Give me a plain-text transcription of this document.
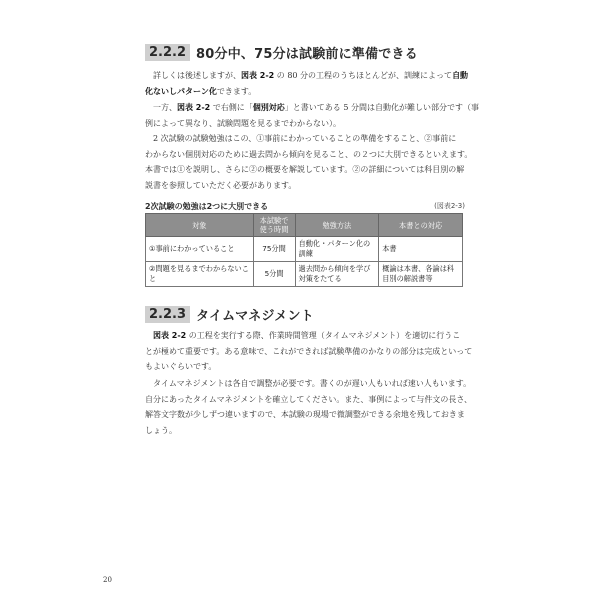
2.2.2 80分中、75分は試験前に準備できる

　詳しくは後述しますが、図表 2-2 の 80 分の工程のうちほとんどが、訓練によって自動

化ないしパターン化できます。

　一方、図表 2-2 で右側に「個別対応」と書いてある 5 分間は自動化が難しい部分です（事

例によって異なり、試験問題を見るまでわからない）。

　2 次試験の試験勉強はこの、①事前にわかっていることの準備をすること、②事前に

わからない個別対応のために過去問から傾向を見ること、の２つに大別できるといえます。

本書では①を説明し、さらに②の概要を解説しています。②の詳細については科目別の解

説書を参照していただく必要があります。

2次試験の勉強は2つに大別できる	(図表2-3)
対象	本試験で使う時間	勉強方法	本書との対応
①事前にわかっていること	75分間	自動化・パターン化の訓練	本書
②問題を見るまでわからないこと	5分間	過去問から傾向を学び対策をたてる	概論は本書、各論は科目別の解説書等
2.2.3 タイムマネジメント

　図表 2-2 の工程を実行する際、作業時間管理（タイムマネジメント）を適切に行うこ

とが極めて重要です。ある意味で、これができれば試験準備のかなりの部分は完成といって

もよいぐらいです。

　タイムマネジメントは各自で調整が必要です。書くのが遅い人もいれば速い人もいます。

自分にあったタイムマネジメントを確立してください。また、事例によって与件文の長さ、

解答文字数が少しずつ違いますので、本試験の現場で微調整ができる余地を残しておきま

しょう。

20
